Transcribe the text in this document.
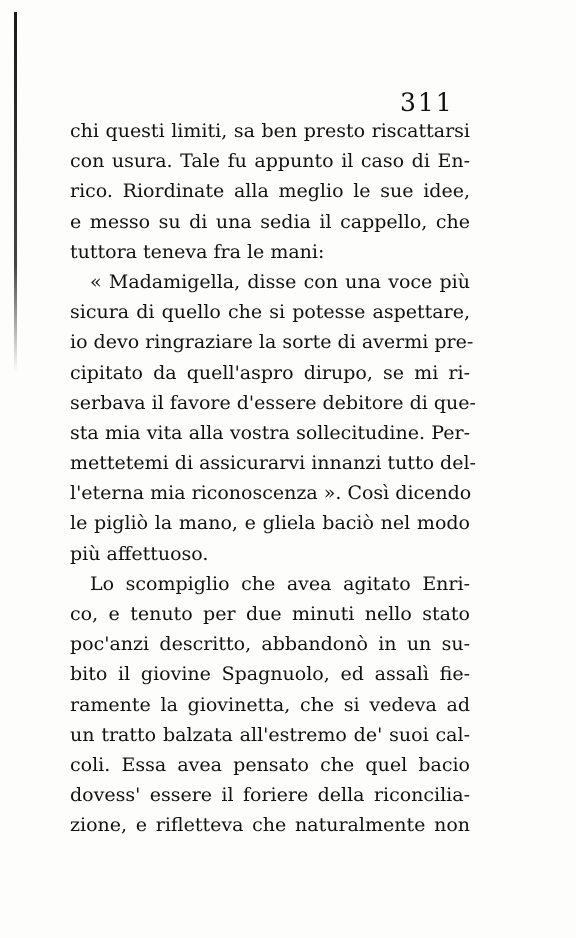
311
chi questi limiti, sa ben presto riscattarsi
con usura. Tale fu appunto il caso di En-
rico. Riordinate alla meglio le sue idee,
e messo su di una sedia il cappello, che
tuttora teneva fra le mani:
« Madamigella, disse con una voce più
sicura di quello che si potesse aspettare,
io devo ringraziare la sorte di avermi pre-
cipitato da quell'aspro dirupo, se mi ri-
serbava il favore d'essere debitore di que-
sta mia vita alla vostra sollecitudine. Per-
mettetemi di assicurarvi innanzi tutto del-
l'eterna mia riconoscenza ». Così dicendo
le pigliò la mano, e gliela baciò nel modo
più affettuoso.
Lo scompiglio che avea agitato Enri-
co, e tenuto per due minuti nello stato
poc'anzi descritto, abbandonò in un su-
bito il giovine Spagnuolo, ed assalì fie-
ramente la giovinetta, che si vedeva ad
un tratto balzata all'estremo de' suoi cal-
coli. Essa avea pensato che quel bacio
dovess' essere il foriere della riconcilia-
zione, e rifletteva che naturalmente non
